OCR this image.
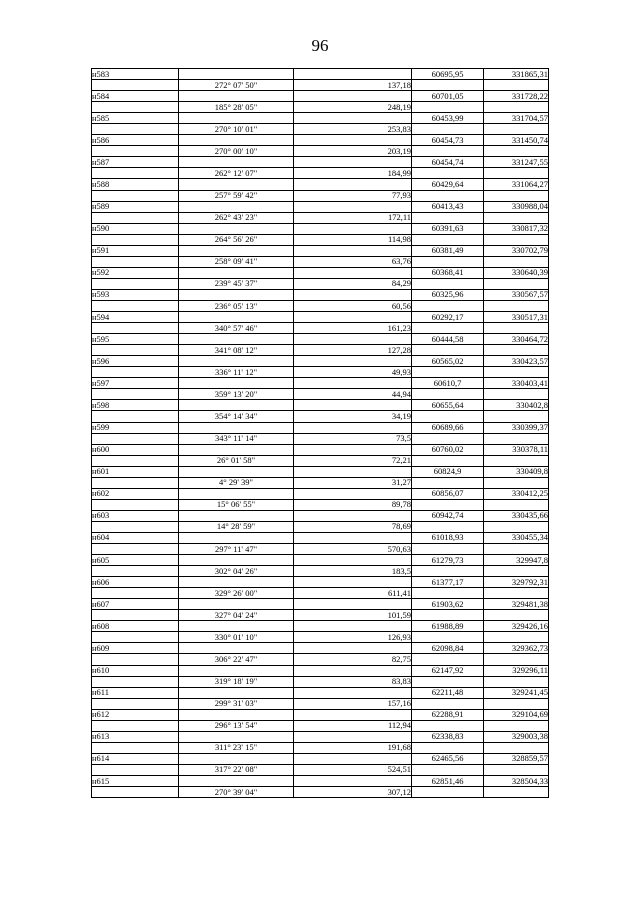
96
н583			60695,95	331865,31
	272° 07' 50"	137,18		
н584			60701,05	331728,22
	185° 28' 05"	248,19		
н585			60453,99	331704,57
	270° 10' 01"	253,83		
н586			60454,73	331450,74
	270° 00' 10"	203,19		
н587			60454,74	331247,55
	262° 12' 07"	184,99		
н588			60429,64	331064,27
	257° 59' 42"	77,93		
н589			60413,43	330988,04
	262° 43' 23"	172,11		
н590			60391,63	330817,32
	264° 56' 26"	114,98		
н591			60381,49	330702,79
	258° 09' 41"	63,76		
н592			60368,41	330640,39
	239° 45' 37"	84,29		
н593			60325,96	330567,57
	236° 05' 13"	60,56		
н594			60292,17	330517,31
	340° 57' 46"	161,23		
н595			60444,58	330464,72
	341° 08' 12"	127,28		
н596			60565,02	330423,57
	336° 11' 12"	49,93		
н597			60610,7	330403,41
	359° 13' 20"	44,94		
н598			60655,64	330402,8
	354° 14' 34"	34,19		
н599			60689,66	330399,37
	343° 11' 14"	73,5		
н600			60760,02	330378,11
	26° 01' 58"	72,21		
н601			60824,9	330409,8
	4° 29' 39"	31,27		
н602			60856,07	330412,25
	15° 06' 55"	89,78		
н603			60942,74	330435,66
	14° 28' 59"	78,69		
н604			61018,93	330455,34
	297° 11' 47"	570,63		
н605			61279,73	329947,8
	302° 04' 26"	183,5		
н606			61377,17	329792,31
	329° 26' 00"	611,41		
н607			61903,62	329481,38
	327° 04' 24"	101,59		
н608			61988,89	329426,16
	330° 01' 10"	126,93		
н609			62098,84	329362,73
	306° 22' 47"	82,75		
н610			62147,92	329296,11
	319° 18' 19"	83,83		
н611			62211,48	329241,45
	299° 31' 03"	157,16		
н612			62288,91	329104,69
	296° 13' 54"	112,94		
н613			62338,83	329003,38
	311° 23' 15"	191,68		
н614			62465,56	328859,57
	317° 22' 08"	524,51		
н615			62851,46	328504,33
	270° 39' 04"	307,12		
